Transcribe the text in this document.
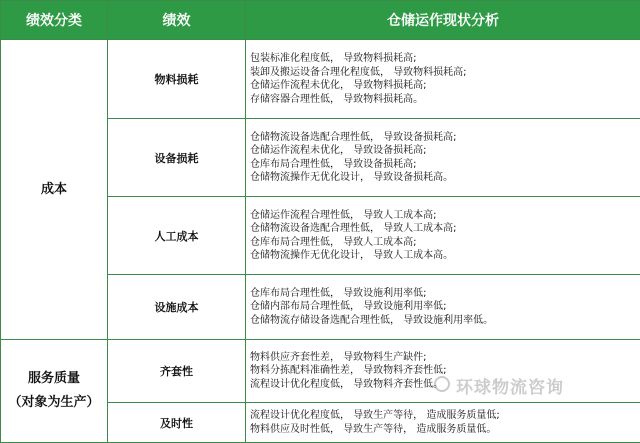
绩效分类	绩效	仓储运作现状分析

成本	物料损耗	包装标准化程度低， 导致物料损耗高;
装卸及搬运设备合理化程度低， 导致物料损耗高;
仓储运作流程未优化， 导致物料损耗高;
存储容器合理性低， 导致物料损耗高。

	设备损耗	仓储物流设备选配合理性低， 导致设备损耗高;
仓储运作流程未优化， 导致设备损耗高;
仓库布局合理性低， 导致设备损耗高;
仓储物流操作无优化设计， 导致设备损耗高。

	人工成本	仓储运作流程合理性低， 导致人工成本高;
仓储物流设备选配合理性低， 导致人工成本高;
仓库布局合理性低， 导致人工成本高;
仓储物流操作无优化设计， 导致人工成本高。

	设施成本	仓库布局合理性低， 导致设施利用率低;
仓储内部布局合理性低， 导致设施利用率低;
仓储物流存储设备选配合理性低， 导致设施利用率低。

服务质量
（对象为生产）	齐套性	物料供应齐套性差， 导致物料生产缺件;
物料分拣配料准确性差， 导致物料齐套性低;
流程设计优化程度低， 导致物料齐套性低。

	及时性	流程设计优化程度低， 导致生产等待， 造成服务质量低;
物料供应及时性低， 导致生产等待， 造成服务质量低。
环球物流咨询
